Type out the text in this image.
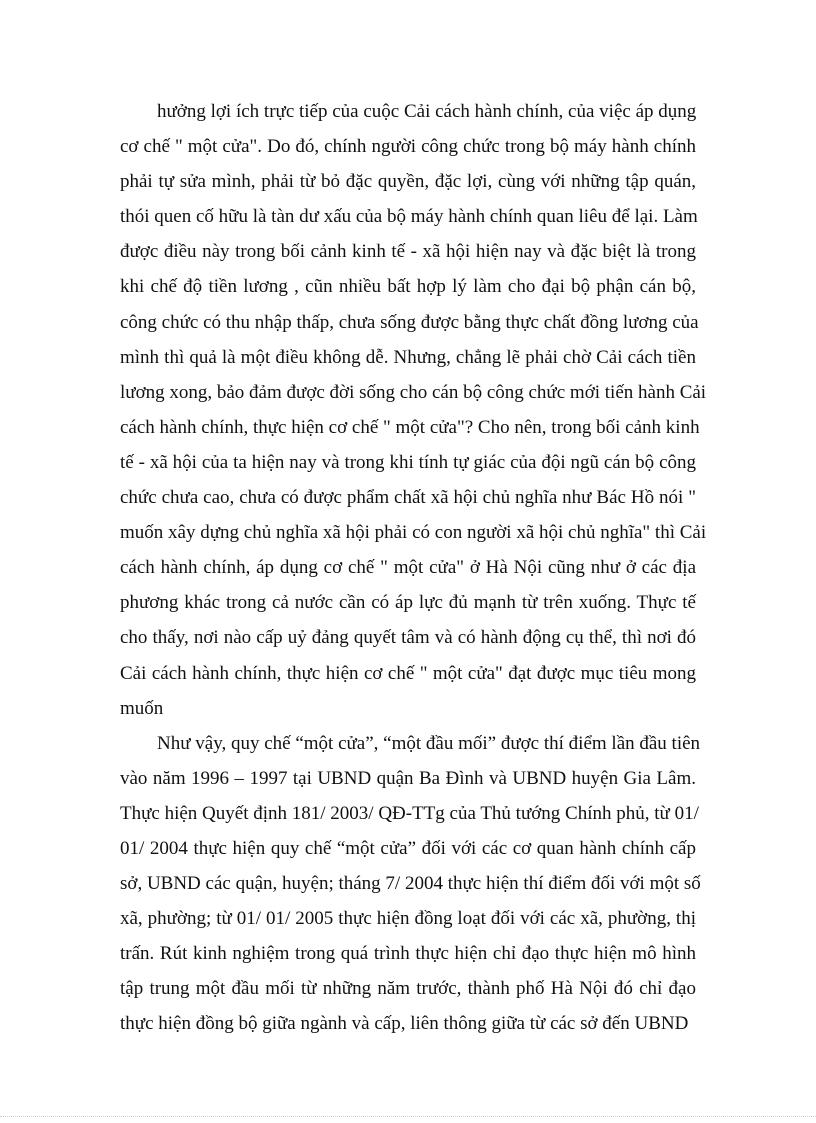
hưởng lợi ích trực tiếp của cuộc Cải cách hành chính, của việc áp dụng
cơ chế " một cửa". Do đó, chính người công chức trong bộ máy hành chính
phải tự sửa mình, phải từ bỏ đặc quyền, đặc lợi, cùng với những tập quán,
thói quen cố hữu là tàn dư xấu của bộ máy hành chính quan liêu để lại. Làm
được điều này trong bối cảnh kinh tế - xã hội hiện nay và đặc biệt là trong
khi chế độ tiền lương , cũn nhiều bất hợp lý làm cho đại bộ phận cán bộ,
công chức có thu nhập thấp, chưa sống được bằng thực chất đồng lương của
mình thì quả là một điều không dễ. Nhưng, chẳng lẽ phải chờ Cải cách tiền
lương xong, bảo đảm được đời sống cho cán bộ công chức mới tiến hành Cải
cách hành chính, thực hiện cơ chế " một cửa"? Cho nên, trong bối cảnh kinh
tế - xã hội của ta hiện nay và trong khi tính tự giác của đội ngũ cán bộ công
chức chưa cao, chưa có được phẩm chất xã hội chủ nghĩa như Bác Hồ nói "
muốn xây dựng chủ nghĩa xã hội phải có con người xã hội chủ nghĩa" thì Cải
cách hành chính, áp dụng cơ chế " một cửa" ở Hà Nội cũng như ở các địa
phương khác trong cả nước cần có áp lực đủ mạnh từ trên xuống. Thực tế
cho thấy, nơi nào cấp uỷ đảng quyết tâm và có hành động cụ thể, thì nơi đó
Cải cách hành chính, thực hiện cơ chế " một cửa" đạt được mục tiêu mong
muốn
Như vậy, quy chế “một cửa”, “một đầu mối” được thí điểm lần đầu tiên
vào năm 1996 – 1997 tại UBND quận Ba Đình và UBND huyện Gia Lâm.
Thực hiện Quyết định 181/ 2003/ QĐ-TTg của Thủ tướng Chính phủ, từ 01/
01/ 2004 thực hiện quy chế “một cửa” đối với các cơ quan hành chính cấp
sở, UBND các quận, huyện; tháng 7/ 2004 thực hiện thí điểm đối với một số
xã, phường; từ 01/ 01/ 2005 thực hiện đồng loạt đối với các xã, phường, thị
trấn. Rút kinh nghiệm trong quá trình thực hiện chỉ đạo thực hiện mô hình
tập trung một đầu mối từ những năm trước, thành phố Hà Nội đó chỉ đạo
thực hiện đồng bộ giữa ngành và cấp, liên thông giữa từ các sở đến UBND
